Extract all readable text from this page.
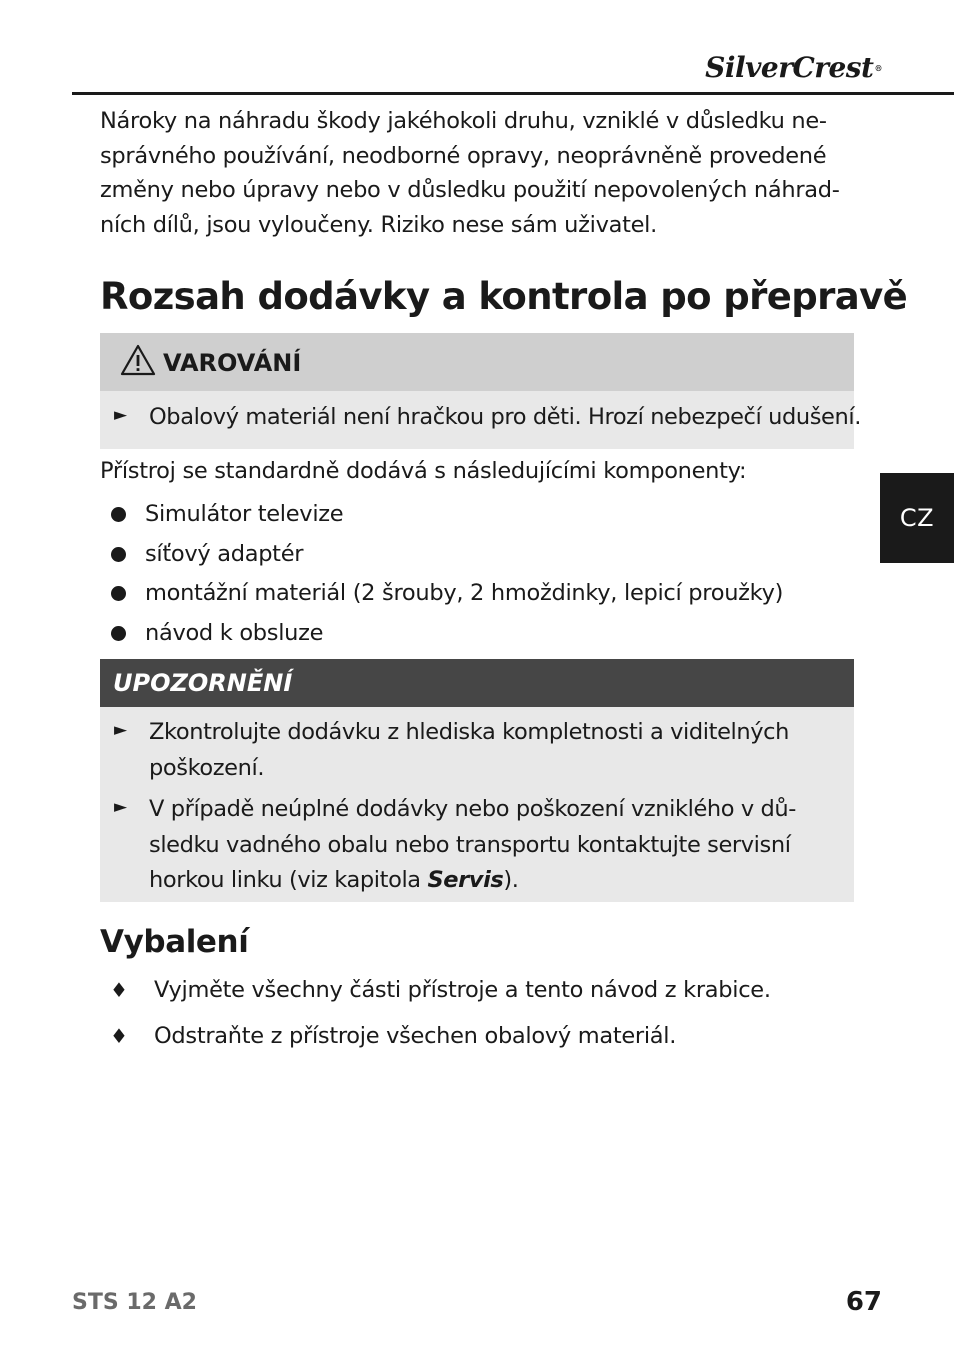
SilverCrest®

Nároky na náhradu škody jakéhokoli druhu, vzniklé v důsledku ne-
správného používání, neodborné opravy, neoprávněně provedené
změny nebo úpravy nebo v důsledku použití nepovolených náhrad-
ních dílů, jsou vyloučeny. Riziko nese sám uživatel.

Rozsah dodávky a kontrola po přepravě
VAROVÁNÍ
► Obalový materiál není hračkou pro děti. Hrozí nebezpečí udušení.

Přístroj se standardně dodává s následujícími komponenty:

Simulátor televize
síťový adaptér
montážní materiál (2 šrouby, 2 hmoždinky, lepicí proužky)
návod k obsluze
UPOZORNĚNÍ
► Zkontrolujte dodávku z hlediska kompletnosti a viditelných
poškození.
► V případě neúplné dodávky nebo poškození vzniklého v dů-
sledku vadného obalu nebo transportu kontaktujte servisní
horkou linku (viz kapitola Servis).
Vybalení
♦ Vyjměte všechny části přístroje a tento návod z krabice.
♦ Odstraňte z přístroje všechen obalový materiál.
CZ
STS 12 A2	67
